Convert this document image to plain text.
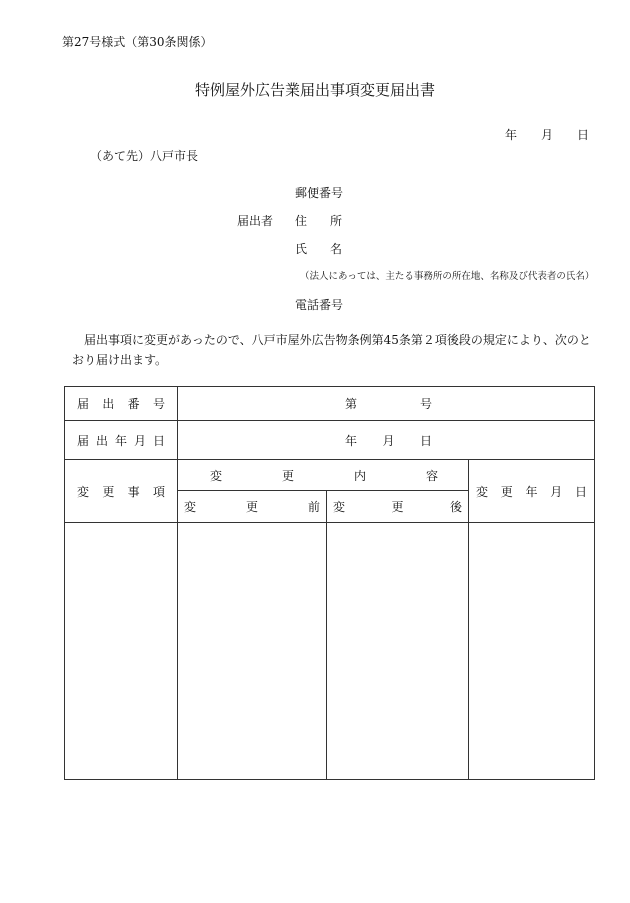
第27号様式（第30条関係）
特例屋外広告業届出事項変更届出書
年 月 日
（あて先）八戸市長
郵便番号
届出者 住 所
氏 名
（法人にあっては、主たる事務所の所在地、名称及び代表者の氏名）
電話番号
届出事項に変更があったので、八戸市屋外広告物条例第45条第２項後段の規定により、次のとおり届け出ます。
届 出 番 号	第 号		

届 出 年 月 日	年 月 日		

変 更 事 項	変 更 内 容		変 更 年 月 日

	変 更 前	変 更 後	
